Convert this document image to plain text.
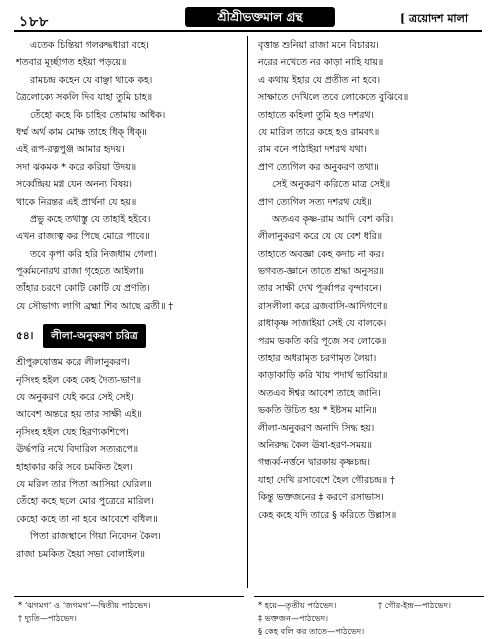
১৮৮	শ্রীশ্রীভক্তমাল গ্রন্থ	[ ত্রয়োদশ মালা
এতেক চিন্তিয়া গলরুদ্ধধারা বহে।
শতবার মূর্চ্ছাগত হইয়া পড়য়ে॥
রামচন্দ্র কহেন যে বাঞ্ছা থাকে কহ।
ত্রৈলোক্যে সকলি দিব যাহা তুমি চাহ॥
তেঁহো কহে কি চাহিব তোমায় অধিক।
ধর্ম্ম অর্থ কাম মোক্ষ তাহে ধিক্ ধিক্॥
এই রূপ-রত্নপুঞ্জ আমার হৃদয়।
সদা ঝকমক * করে করিয়া উদয়॥
সর্ব্বেন্দ্রিয় মগ্ন যেন অনন্য বিষয়।
থাকে নিরন্তর এই প্রার্থনা যে হয়॥
প্রভু কহে তথাস্তু যে তাহাই হইবে।
এখন রাজ্যত্ব কর পিছে মোরে পাবে॥
তবে কৃপা করি হরি নিজধাম গেলা।
পূর্ব্বমনোরথ রাজা গৃহেতে আইলা॥
তাঁহার চরণে কোটি কোটি যে প্রণতি।
যে সৌভাগ্য লাগি ব্রহ্মা শিব আছে ব্রতী॥ †
৫৪। লীলা-অনুকরণ চরিত্র
শ্রীপুরুষোত্তম করে লীলানুকরণ।
নৃসিংহ হইল কেহ কেহ দৈত্য-ভাণ॥
যে অনুকরণ যেই করে সেই সেই।
আবেশ অন্তরে হয় তার সাক্ষী এই॥
নৃসিংহ হইল যেহ হিরণ্যকশিপে।
ঊর্দ্ধপরি নখে বিদারিল সত্যরূপে॥
হাহাকার করি সবে চমকিত হৈল।
যে মরিল তার পিতা আসিয়া ঘেরিল॥
তেঁহো কহে ছলে মোর পুত্রেরে মারিল।
কেহো কহে তা না হবে আবেশে বধিল॥
পিতা রাজস্থানে গিয়া নিবেদন কৈল।
রাজা চমকিত হৈয়া সভা বোলাইল॥
বৃত্তান্ত শুনিয়া রাজা মনে বিচারয়।
নরের নখেতে নর কাড়া নাহি যায়॥
এ কথায় ইহার যে প্রতীত না হবে।
সাক্ষাতে দেখিলে তবে লোকেতে বুঝিবে॥
তাহাতে কহিলা তুমি হও দশরথ।
যে মারিল তারে কহে হও রামবৎ॥
রাম বনে পাঠাইয়া দশরথ যথা।
প্রাণ ত্যেগিল কর অনুকরণ তথা॥
সেই অনুকরণ করিতে মাত্র সেই॥
প্রাণ ত্যেগিল সত্য দশরথ যেই॥
অতএব কৃষ্ণ-রাম আদি বেশ করি।
লীলানুকরণ করে যে যে বেশ ধরি॥
তাহাতে অবজ্ঞা কেহ কদাচ না কর।
ভগবত-জ্ঞানে তাতে শ্রদ্ধা অনুসর॥
তার সাক্ষী দেখ পূর্ব্বাপর বৃন্দাবনে।
রাসলীলা করে ব্রজবাসি-আদিগণে॥
রাধাকৃষ্ণ সাজাইয়া সেই যে বালকে।
পরম ভকতি করি পূজে সব লোকে॥
তাহার অধরামৃত চরণামৃত লৈয়া।
কাড়াকাড়ি করি খায় পদার্থ ভাবিয়া॥
অতএব ঈশ্বর আবেশ তাহে জানি।
ভকতি উচিত হয় * ইষ্টসম মানি॥
লীলা-অনুকরণ অনাদি সিদ্ধ হয়।
অনিরুদ্ধ কৈল ঊষা-হরণ-সময়॥
গন্ধর্ব্ব-নর্ত্তনে দ্বারকায় কৃষ্ণচন্দ্র।
যাহা দেখি রসাবেশে হৈল গৌরচন্দ্র॥ †
কিন্তু ভক্তজনের ‡ করণে রসাভাস।
কেহ কহে যদি তারে § করিতে উল্লাস॥
* ‘ঝগমগ’ ও ‘জগমগ’—দ্বিতীয় পাঠভেদ।
† দ্যুতি—পাঠভেদ।
* হয়ে—তৃতীয় পাঠভেদ।	† গৌর-ইন্দ্র—পাঠভেদ।
‡ ভক্তজন—পাঠভেদ।
§ কেহ বলি কর তাতে—পাঠভেদ।
